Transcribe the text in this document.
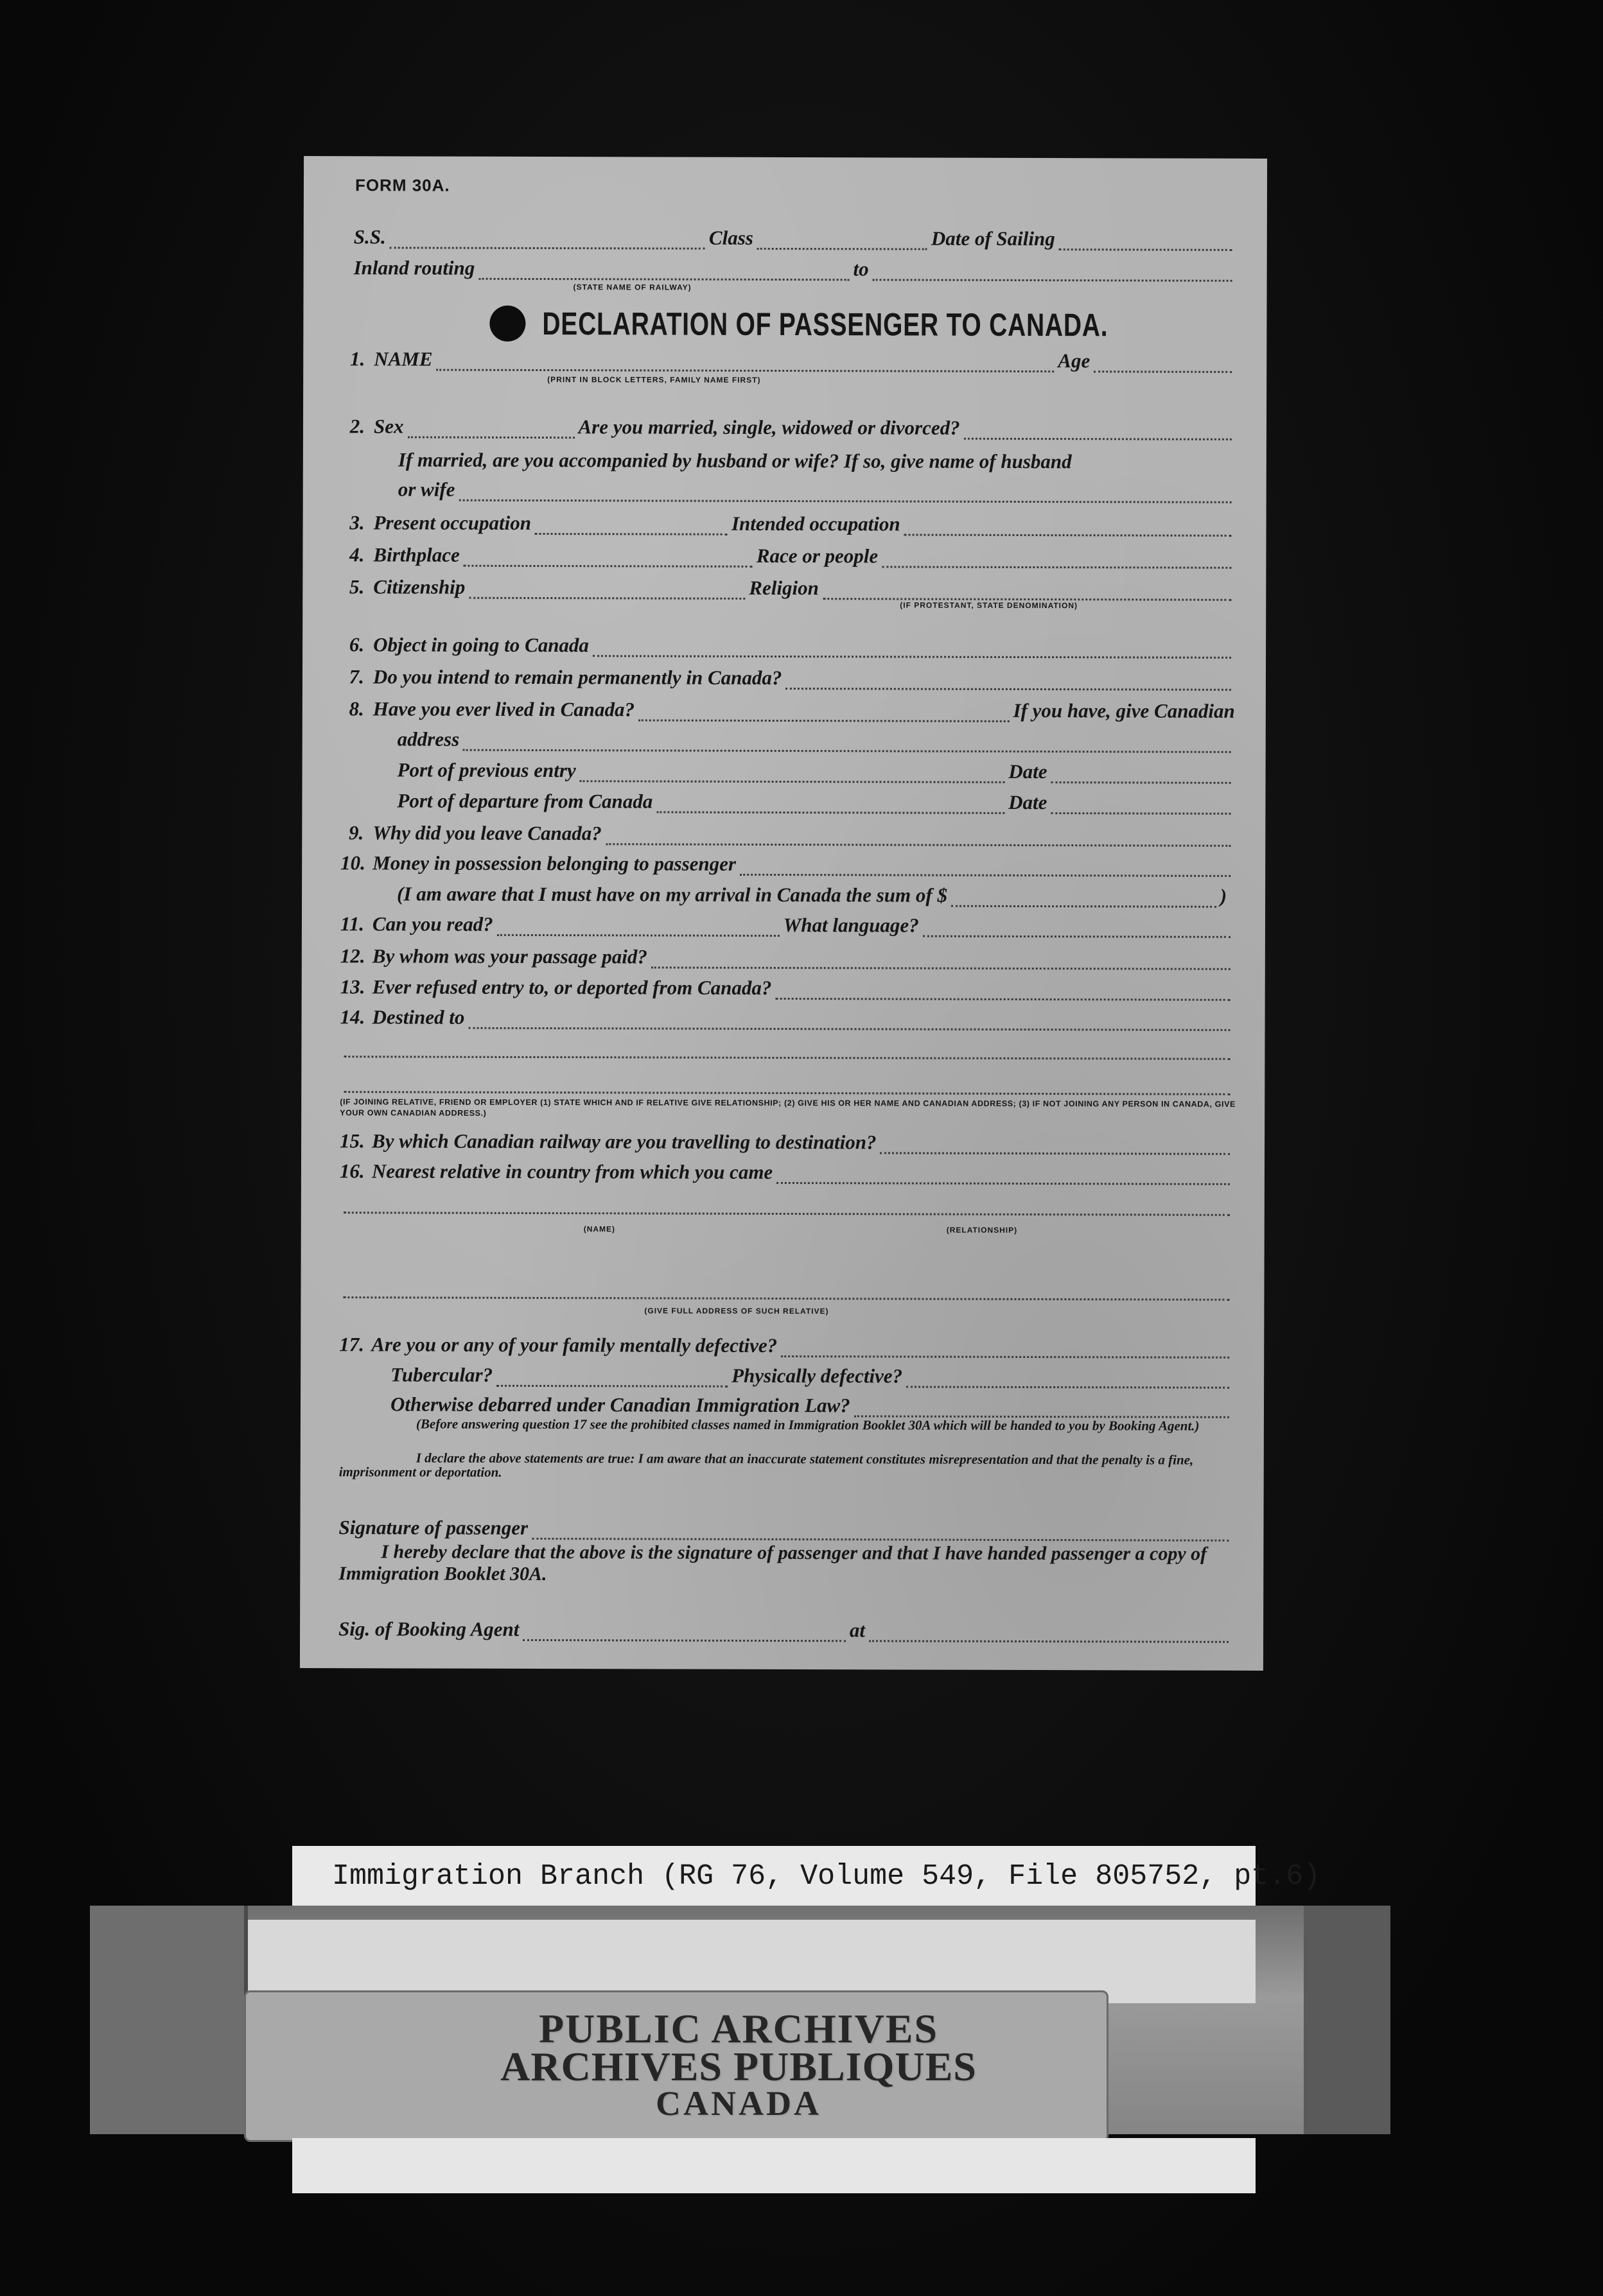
FORM 30A.
S.S.	Class	Date of Sailing
Inland routing	to
(STATE NAME OF RAILWAY)
DECLARATION OF PASSENGER TO CANADA.
1. NAME	Age
(PRINT IN BLOCK LETTERS, FAMILY NAME FIRST)
2. Sex	Are you married, single, widowed or divorced?
If married, are you accompanied by husband or wife? If so, give name of husband
or wife
3. Present occupation	Intended occupation
4. Birthplace	Race or people
5. Citizenship	Religion
(IF PROTESTANT, STATE DENOMINATION)
6. Object in going to Canada
7. Do you intend to remain permanently in Canada?
8. Have you ever lived in Canada?	If you have, give Canadian
address
Port of previous entry	Date
Port of departure from Canada	Date
9. Why did you leave Canada?
10. Money in possession belonging to passenger
(I am aware that I must have on my arrival in Canada the sum of $	)
11. Can you read?	What language?
12. By whom was your passage paid?
13. Ever refused entry to, or deported from Canada?
14. Destined to
(IF JOINING RELATIVE, FRIEND OR EMPLOYER (1) STATE WHICH AND IF RELATIVE GIVE RELATIONSHIP; (2) GIVE HIS OR HER NAME AND CANADIAN ADDRESS; (3) IF NOT JOINING ANY PERSON IN CANADA, GIVE YOUR OWN CANADIAN ADDRESS.)
15. By which Canadian railway are you travelling to destination?
16. Nearest relative in country from which you came
(NAME)	(RELATIONSHIP)
(GIVE FULL ADDRESS OF SUCH RELATIVE)
17. Are you or any of your family mentally defective?
Tubercular?	Physically defective?
Otherwise debarred under Canadian Immigration Law?
(Before answering question 17 see the prohibited classes named in Immigration Booklet 30A which will be handed to you by Booking Agent.)
I declare the above statements are true: I am aware that an inaccurate statement constitutes misrepresentation and that the penalty is a fine, imprisonment or deportation.
Signature of passenger
I hereby declare that the above is the signature of passenger and that I have handed passenger a copy of Immigration Booklet 30A.
Sig. of Booking Agent	at
Immigration Branch (RG 76, Volume 549, File 805752, pt.6)
PUBLIC ARCHIVES
ARCHIVES PUBLIQUES
CANADA
